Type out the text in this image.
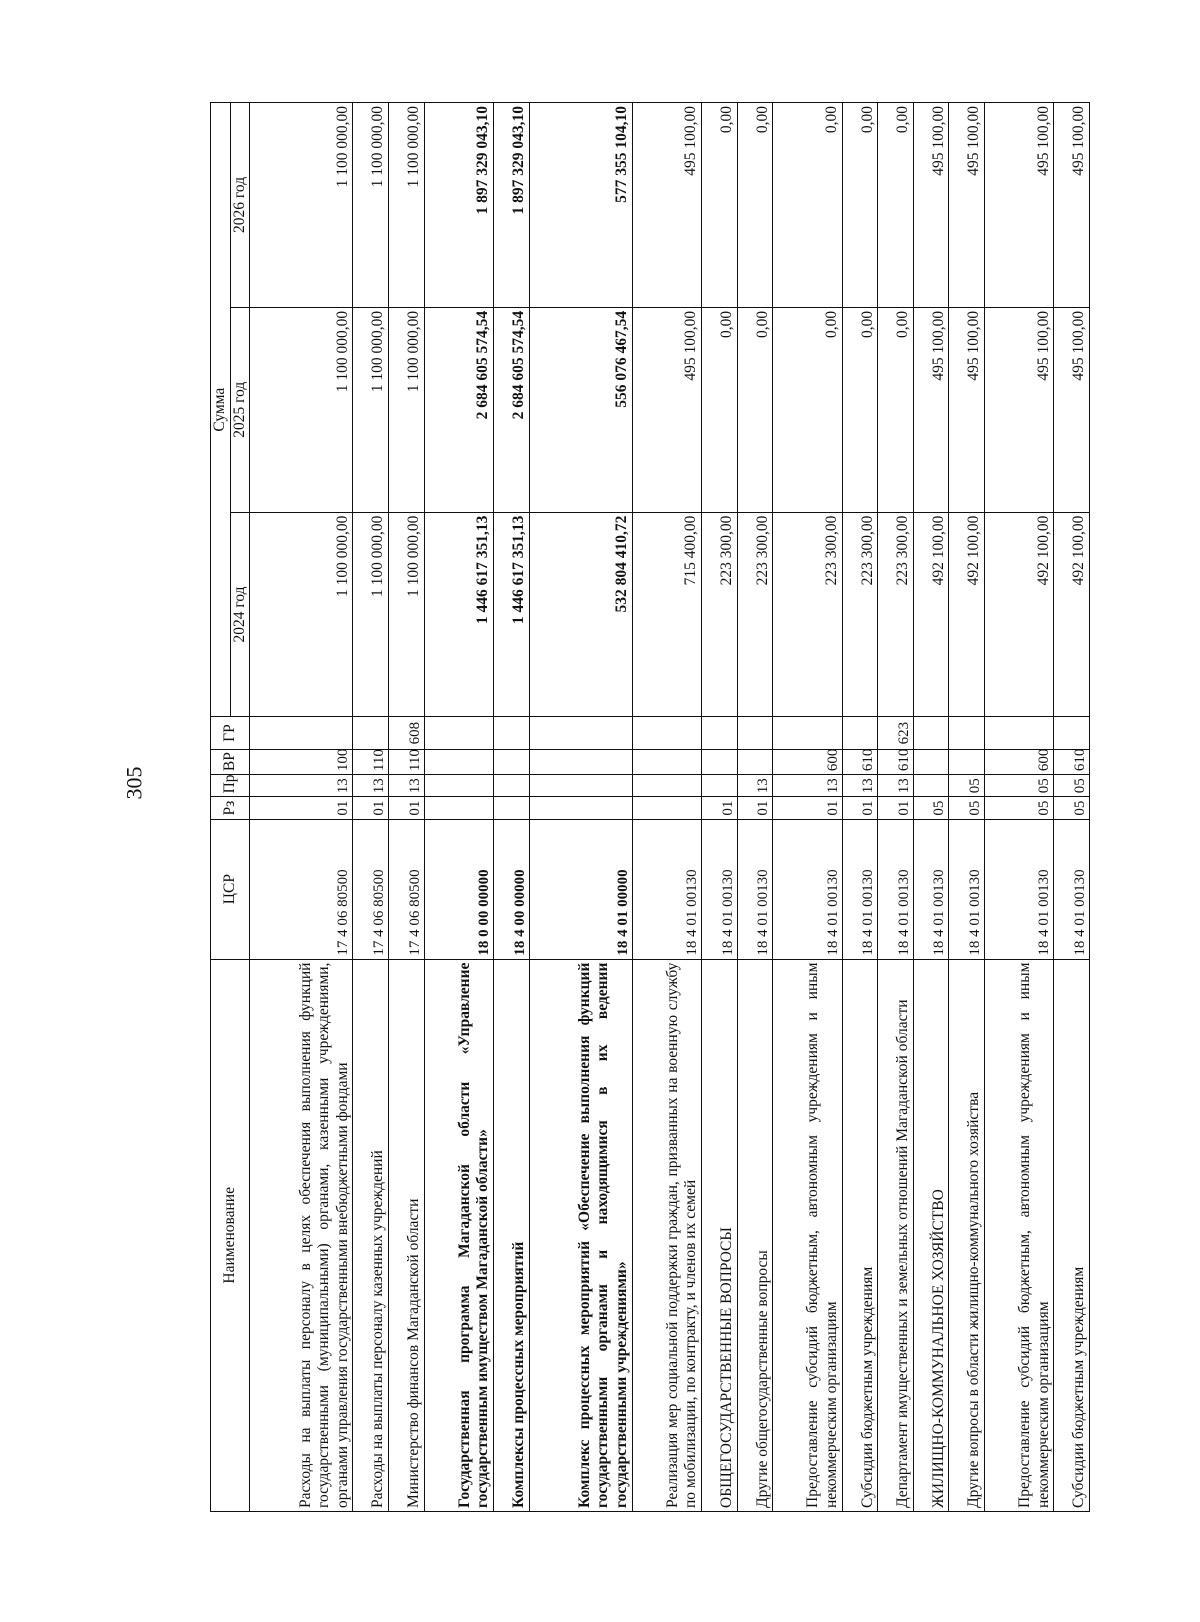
305
Наименование	ЦСР	Рз	Пр	ВР	ГР	Сумма		
						2024 год	2025 год	2026 год
Расходы на выплаты персоналу в целях обеспечения выполнения функций государственными (муниципальными) органами, казенными учреждениями, органами управления государственными внебюджетными фондами	17 4 06 80500	01	13	100		1 100 000,00	1 100 000,00	1 100 000,00
Расходы на выплаты персоналу казенных учреждений	17 4 06 80500	01	13	110		1 100 000,00	1 100 000,00	1 100 000,00
Министерство финансов Магаданской области	17 4 06 80500	01	13	110	608	1 100 000,00	1 100 000,00	1 100 000,00
Государственная программа Магаданской области «Управление государственным имуществом Магаданской области»	18 0 00 00000					1 446 617 351,13	2 684 605 574,54	1 897 329 043,10
Комплексы процессных мероприятий	18 4 00 00000					1 446 617 351,13	2 684 605 574,54	1 897 329 043,10
Комплекс процессных мероприятий «Обеспечение выполнения функций государственными органами и находящимися в их ведении государственными учреждениями»	18 4 01 00000					532 804 410,72	556 076 467,54	577 355 104,10
Реализация мер социальной поддержки граждан, призванных на военную службу по мобилизации, по контракту, и членов их семей	18 4 01 00130					715 400,00	495 100,00	495 100,00
ОБЩЕГОСУДАРСТВЕННЫЕ ВОПРОСЫ	18 4 01 00130	01				223 300,00	0,00	0,00
Другие общегосударственные вопросы	18 4 01 00130	01	13			223 300,00	0,00	0,00
Предоставление субсидий бюджетным, автономным учреждениям и иным некоммерческим организациям	18 4 01 00130	01	13	600		223 300,00	0,00	0,00
Субсидии бюджетным учреждениям	18 4 01 00130	01	13	610		223 300,00	0,00	0,00
Департамент имущественных и земельных отношений Магаданской области	18 4 01 00130	01	13	610	623	223 300,00	0,00	0,00
ЖИЛИЩНО-КОММУНАЛЬНОЕ ХОЗЯЙСТВО	18 4 01 00130	05				492 100,00	495 100,00	495 100,00
Другие вопросы в области жилищно-коммунального хозяйства	18 4 01 00130	05	05			492 100,00	495 100,00	495 100,00
Предоставление субсидий бюджетным, автономным учреждениям и иным некоммерческим организациям	18 4 01 00130	05	05	600		492 100,00	495 100,00	495 100,00
Субсидии бюджетным учреждениям	18 4 01 00130	05	05	610		492 100,00	495 100,00	495 100,00
